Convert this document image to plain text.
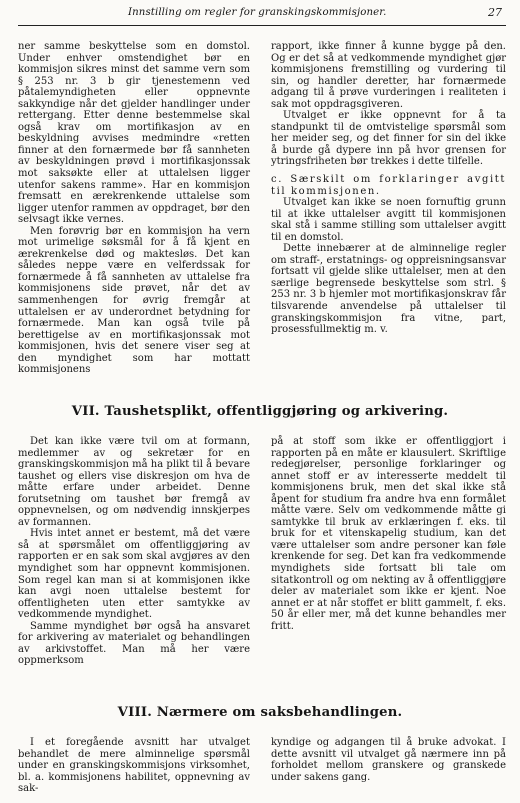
Innstilling om regler for granskingskommisjoner.	27

ner samme beskyttelse som en domstol. Under enhver omstendighet bør en kommisjon sikres minst det samme vern som § 253 nr. 3 b gir tjenestemenn ved påtalemyndigheten eller oppnevnte sakkyndige når det gjelder handlinger under rettergang. Etter denne bestemmelse skal også krav om mortifikasjon av en beskyldning avvises medmindre «retten finner at den fornærmede bør få sannheten av beskyldningen prøvd i mortifikasjonssak mot saksøkte eller at uttalelsen ligger utenfor sakens ramme». Har en kommisjon fremsatt en ærekrenkende uttalelse som ligger utenfor rammen av oppdraget, bør den selvsagt ikke vernes.

Men forøvrig bør en kommisjon ha vern mot urimelige søksmål for å få kjent en ærekrenkelse død og maktesløs. Det kan således neppe være en velferdssak for fornærmede å få sannheten av uttalelse fra kommisjonens side prøvet, når det av sammenhengen for øvrig fremgår at uttalelsen er av underordnet betydning for fornærmede. Man kan også tvile på berettigelse av en mortifikasjonssak mot kommisjonen, hvis det senere viser seg at den myndighet som har mottatt kommisjonens

rapport, ikke finner å kunne bygge på den. Og er det så at vedkommende myndighet gjør kommisjonens fremstilling og vurdering til sin, og handler deretter, har fornærmede adgang til å prøve vurderingen i realiteten i sak mot oppdragsgiveren.

Utvalget er ikke oppnevnt for å ta standpunkt til de omtvistelige spørsmål som her meider seg, og det finner for sin del ikke å burde gå dypere inn på hvor grensen for ytringsfriheten bør trekkes i dette tilfelle.

c. Særskilt om forklaringer avgitt til kommisjonen.

Utvalget kan ikke se noen fornuftig grunn til at ikke uttalelser avgitt til kommisjonen skal stå i samme stilling som uttalelser avgitt til en domstol.

Dette innebærer at de alminnelige regler om straff-, erstatnings- og oppreisningsansvar fortsatt vil gjelde slike uttalelser, men at den særlige begrensede beskyttelse som strl. § 253 nr. 3 b hjemler mot mortifikasjonskrav får tilsvarende anvendelse på uttalelser til granskingskommisjon fra vitne, part, prosessfullmektig m. v.

VII. Taushetsplikt, offentliggjøring og arkivering.

Det kan ikke være tvil om at formann, medlemmer av og sekretær for en granskingskommisjon må ha plikt til å bevare taushet og ellers vise diskresjon om hva de måtte erfare under arbeidet. Denne forutsetning om taushet bør fremgå av oppnevnelsen, og om nødvendig innskjerpes av formannen.

Hvis intet annet er bestemt, må det være så at spørsmålet om offentliggjøring av rapporten er en sak som skal avgjøres av den myndighet som har oppnevnt kommisjonen. Som regel kan man si at kommisjonen ikke kan avgi noen uttalelse bestemt for offentligheten uten etter samtykke av vedkommende myndighet.

Samme myndighet bør også ha ansvaret for arkivering av materialet og behandlingen av arkivstoffet. Man må her være oppmerksom

på at stoff som ikke er offentliggjort i rapporten på en måte er klausulert. Skriftlige redegjørelser, personlige forklaringer og annet stoff er av interesserte meddelt til kommisjonens bruk, men det skal ikke stå åpent for studium fra andre hva enn formålet måtte være. Selv om vedkommende måtte gi samtykke til bruk av erklæringen f. eks. til bruk for et vitenskapelig studium, kan det være uttalelser som andre personer kan føle krenkende for seg. Det kan fra vedkommende myndighets side fortsatt bli tale om sitatkontroll og om nekting av å offentliggjøre deler av materialet som ikke er kjent. Noe annet er at når stoffet er blitt gammelt, f. eks. 50 år eller mer, må det kunne behandles mer fritt.

VIII. Nærmere om saksbehandlingen.

I et foregående avsnitt har utvalget behandlet de mere alminnelige spørsmål under en granskingskommisjons virksomhet, bl. a. kommisjonens habilitet, oppnevning av sak-

kyndige og adgangen til å bruke advokat. I dette avsnitt vil utvalget gå nærmere inn på forholdet mellom granskere og granskede under sakens gang.
